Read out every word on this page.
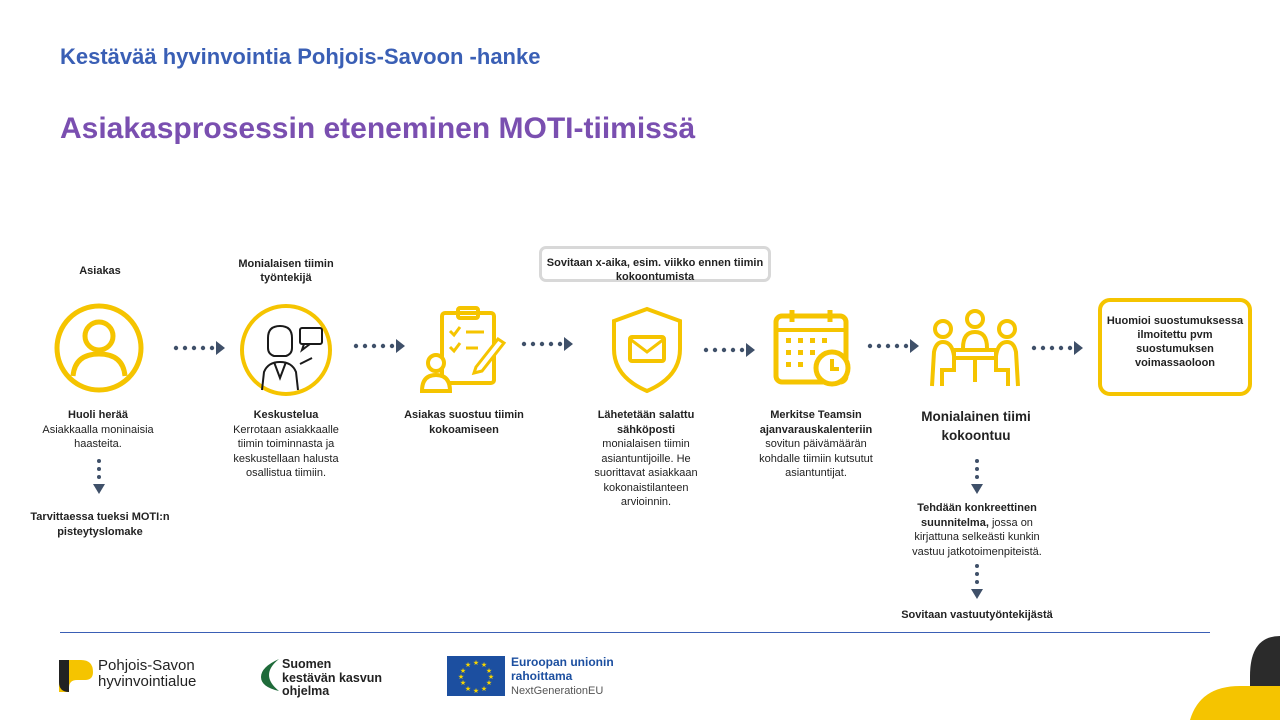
Kestävää hyvinvointia Pohjois-Savoon -hanke
Asiakasprosessin eteneminen MOTI-tiimissä
Asiakas
Huoli herää
Asiakkaalla moninaisia haasteita.
Tarvittaessa tueksi MOTI:n pisteytyslomake
Monialaisen tiimin työntekijä
Keskustelua
Kerrotaan asiakkaalle tiimin toiminnasta ja keskustellaan halusta osallistua tiimiin.
Asiakas suostuu tiimin kokoamiseen
Sovitaan x-aika, esim. viikko ennen tiimin kokoontumista
Lähetetään salattu sähköposti
monialaisen tiimin asiantuntijoille. He suorittavat asiakkaan kokonaistilanteen arvioinnin.
Merkitse Teamsin ajanvarauskalenteriin
sovitun päivämäärän kohdalle tiimiin kutsutut asiantuntijat.
Monialainen tiimi kokoontuu
Tehdään konkreettinen suunnitelma, jossa on kirjattuna selkeästi kunkin vastuu jatkotoimenpiteistä.
Sovitaan vastuutyöntekijästä
Huomioi suostumuksessa ilmoitettu pvm suostumuksen voimassaoloon
Pohjois-Savon
hyvinvointialue
Suomen
kestävän kasvun
ohjelma
★ ★
★
★
★
★
★
★
★
★
★
★	Euroopan unionin
rahoittama
NextGenerationEU
